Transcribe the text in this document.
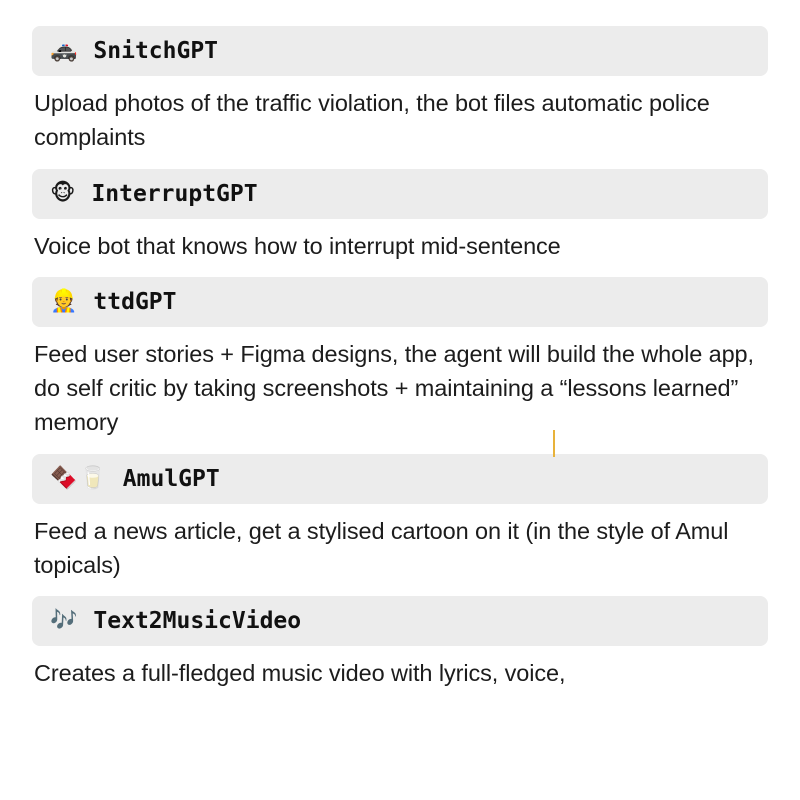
🚓 SnitchGPT
Upload photos of the traffic violation, the bot files automatic police complaints
🐵 InterruptGPT
Voice bot that knows how to interrupt mid-sentence
👷 ttdGPT
Feed user stories + Figma designs, the agent will build the whole app, do self critic by taking screenshots + maintaining a “lessons learned” memory
🍫🥛 AmulGPT
Feed a news article, get a stylised cartoon on it (in the style of Amul topicals)
🎶 Text2MusicVideo
Creates a full-fledged music video with lyrics, voice,
